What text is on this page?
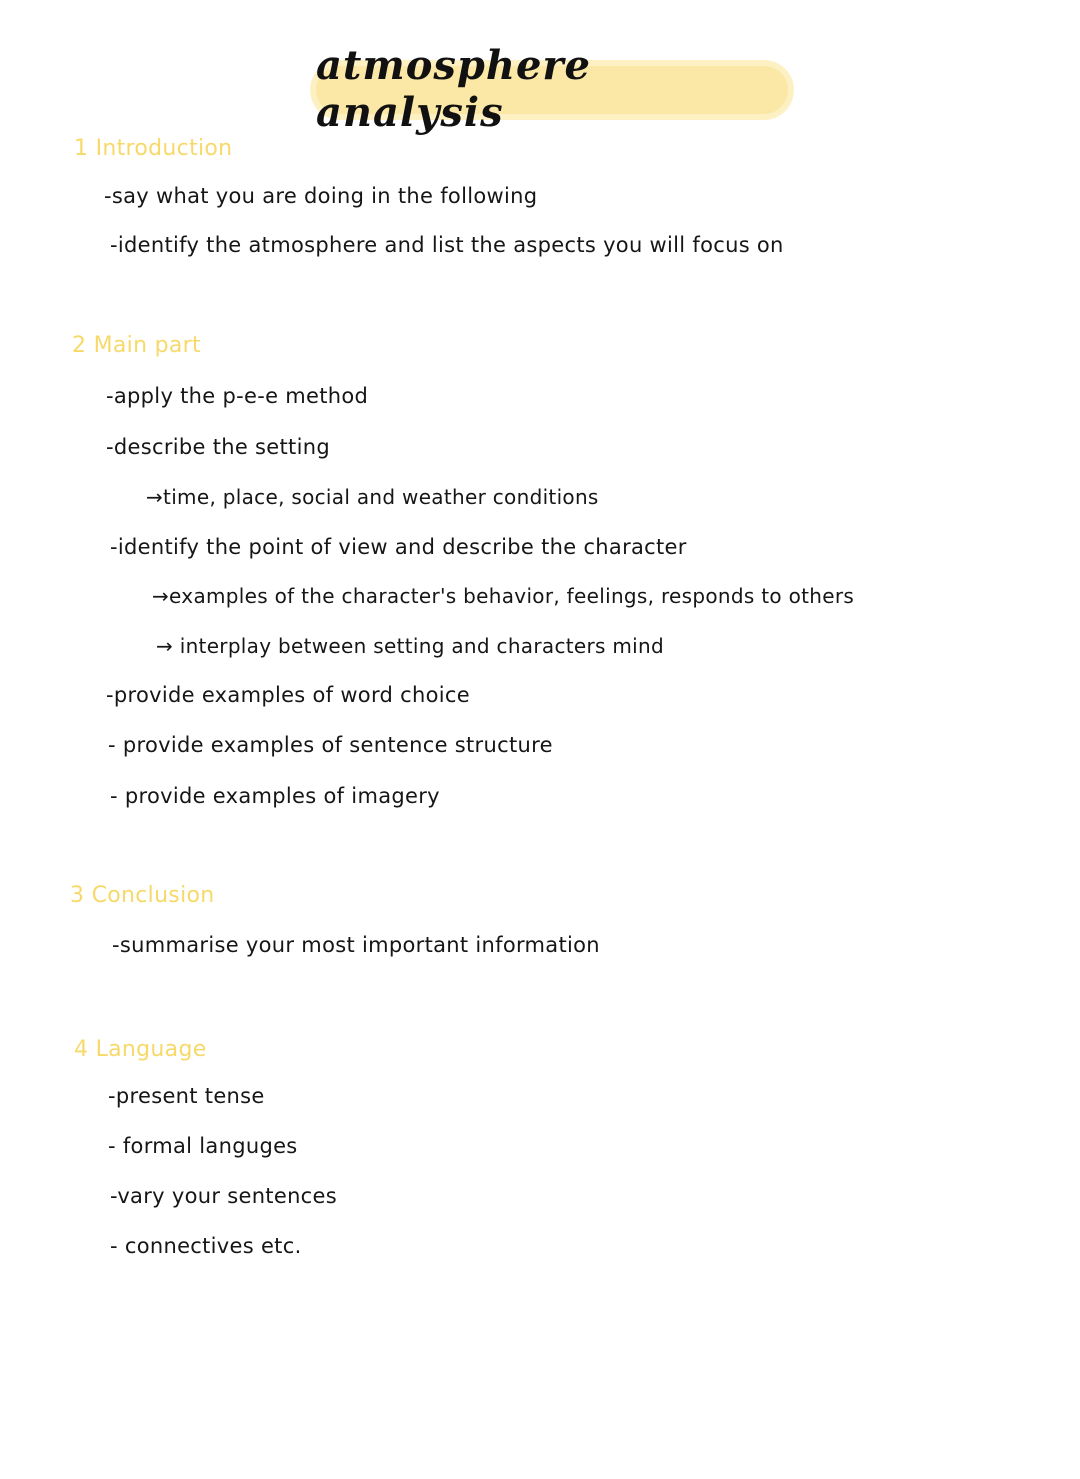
atmosphere analysis
1 Introduction
-say what you are doing in the following
-identify the atmosphere and list the aspects you will focus on
2 Main part
-apply the p-e-e method
-describe the setting
→time, place, social and weather conditions
-identify the point of view and describe the character
→examples of the character's behavior, feelings, responds to others
→ interplay between setting and characters mind
-provide examples of word choice
- provide examples of sentence structure
- provide examples of imagery
3 Conclusion
-summarise your most important information
4 Language
-present tense
- formal languges
-vary your sentences
- connectives etc.
